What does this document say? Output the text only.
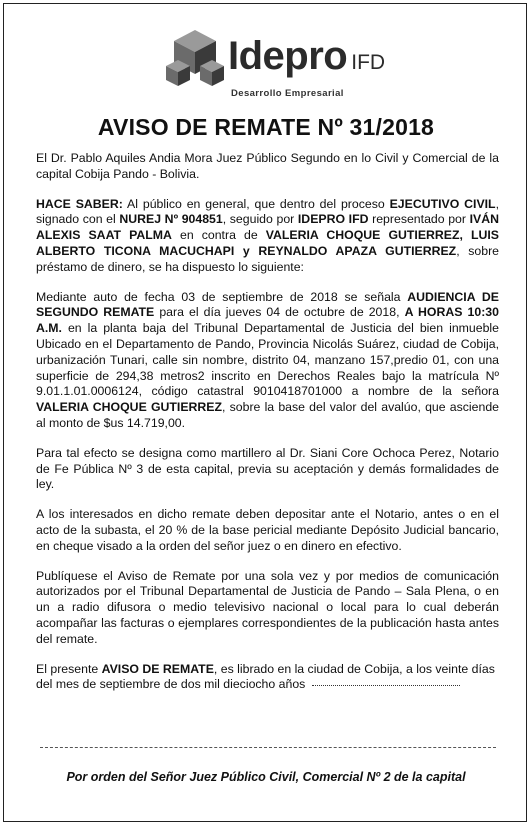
Idepro IFD
Desarrollo Empresarial
AVISO DE REMATE Nº 31/2018

El Dr. Pablo Aquiles Andia Mora Juez Público Segundo en lo Civil y Comercial de la capital Cobija Pando - Bolivia.

HACE SABER: Al público en general, que dentro del proceso EJECUTIVO CIVIL, signado con el NUREJ Nº 904851, seguido por IDEPRO IFD representado por IVÁN ALEXIS SAAT PALMA en contra de VALERIA CHOQUE GUTIERREZ, LUIS ALBERTO TICONA MACUCHAPI y REYNALDO APAZA GUTIERREZ, sobre préstamo de dinero, se ha dispuesto lo siguiente:

Mediante auto de fecha 03 de septiembre de 2018 se señala AUDIENCIA DE SEGUNDO REMATE para el día jueves 04 de octubre de 2018, A HORAS 10:30 A.M. en la planta baja del Tribunal Departamental de Justicia del bien inmueble Ubicado en el Departamento de Pando, Provincia Nicolás Suárez, ciudad de Cobija, urbanización Tunari, calle sin nombre, distrito 04, manzano 157,predio 01, con una superficie de 294,38 metros2 inscrito en Derechos Reales bajo la matrícula Nº 9.01.1.01.0006124, código catastral 9010418701000 a nombre de la señora VALERIA CHOQUE GUTIERREZ, sobre la base del valor del avalúo, que asciende al monto de $us 14.719,00.

Para tal efecto se designa como martillero al Dr. Siani Core Ochoca Perez, Notario de Fe Pública Nº 3 de esta capital, previa su aceptación y demás formalidades de ley.

A los interesados en dicho remate deben depositar ante el Notario, antes o en el acto de la subasta, el 20 % de la base pericial mediante Depósito Judicial bancario, en cheque visado a la orden del señor juez o en dinero en efectivo.

Publíquese el Aviso de Remate por una sola vez y por medios de comunicación autorizados por el Tribunal Departamental de Justicia de Pando – Sala Plena, o en un a radio difusora o medio televisivo nacional o local para lo cual deberán acompañar las facturas o ejemplares correspondientes de la publicación hasta antes del remate.

El presente AVISO DE REMATE, es librado en la ciudad de Cobija, a los veinte días
del mes de septiembre de dos mil dieciocho años

Por orden del Señor Juez Público Civil, Comercial Nº 2 de la capital
